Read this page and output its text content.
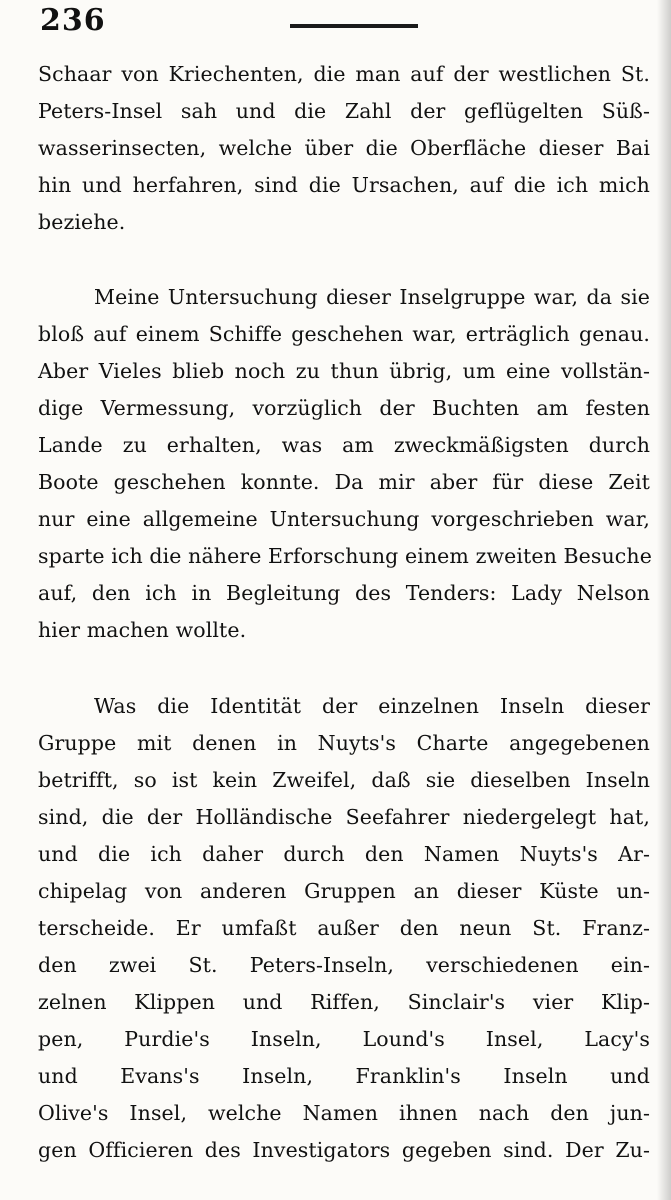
236
Schaar von Kriechenten, die man auf der westlichen St.
Peters-Insel sah und die Zahl der geflügelten Süß-
wasserinsecten, welche über die Oberfläche dieser Bai
hin und herfahren, sind die Ursachen, auf die ich mich
beziehe.
Meine Untersuchung dieser Inselgruppe war, da sie
bloß auf einem Schiffe geschehen war, erträglich genau.
Aber Vieles blieb noch zu thun übrig, um eine vollstän-
dige Vermessung, vorzüglich der Buchten am festen
Lande zu erhalten, was am zweckmäßigsten durch
Boote geschehen konnte. Da mir aber für diese Zeit
nur eine allgemeine Untersuchung vorgeschrieben war,
sparte ich die nähere Erforschung einem zweiten Besuche
auf, den ich in Begleitung des Tenders: Lady Nelson
hier machen wollte.
Was die Identität der einzelnen Inseln dieser
Gruppe mit denen in Nuyts's Charte angegebenen
betrifft, so ist kein Zweifel, daß sie dieselben Inseln
sind, die der Holländische Seefahrer niedergelegt hat,
und die ich daher durch den Namen Nuyts's Ar-
chipelag von anderen Gruppen an dieser Küste un-
terscheide. Er umfaßt außer den neun St. Franz-
den zwei St. Peters-Inseln, verschiedenen ein-
zelnen Klippen und Riffen, Sinclair's vier Klip-
pen, Purdie's Inseln, Lound's Insel, Lacy's
und Evans's Inseln, Franklin's Inseln und
Olive's Insel, welche Namen ihnen nach den jun-
gen Officieren des Investigators gegeben sind. Der Zu-
